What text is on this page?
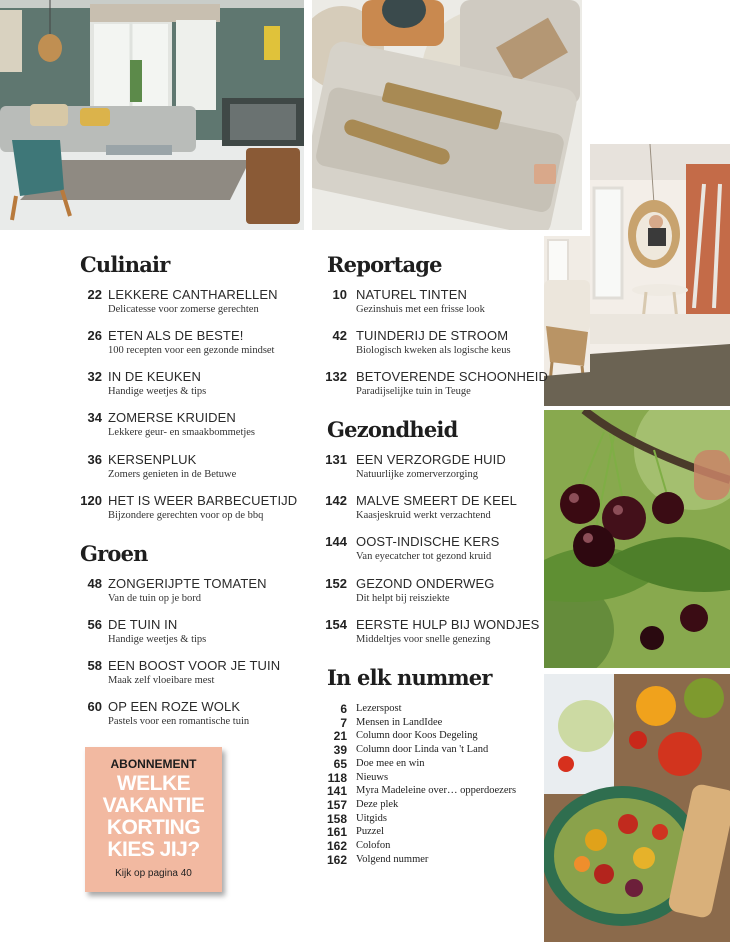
Culinair
22 LEKKERE CANTHARELLEN
Delicatesse voor zomerse gerechten
26 ETEN ALS DE BESTE!
100 recepten voor een gezonde mindset
32 IN DE KEUKEN
Handige weetjes & tips
34 ZOMERSE KRUIDEN
Lekkere geur- en smaakbommetjes
36 KERSENPLUK
Zomers genieten in de Betuwe
120 HET IS WEER BARBECUETIJD
Bijzondere gerechten voor op de bbq
Groen
48 ZONGERIJPTE TOMATEN
Van de tuin op je bord
56 DE TUIN IN
Handige weetjes & tips
58 EEN BOOST VOOR JE TUIN
Maak zelf vloeibare mest
60 OP EEN ROZE WOLK
Pastels voor een romantische tuin
Reportage
10 NATUREL TINTEN
Gezinshuis met een frisse look
42 TUINDERIJ DE STROOM
Biologisch kweken als logische keus
132 BETOVERENDE SCHOONHEID
Paradijselijke tuin in Teuge
Gezondheid
131 EEN VERZORGDE HUID
Natuurlijke zomerverzorging
142 MALVE SMEERT DE KEEL
Kaasjeskruid werkt verzachtend
144 OOST-INDISCHE KERS
Van eyecatcher tot gezond kruid
152 GEZOND ONDERWEG
Dit helpt bij reisziekte
154 EERSTE HULP BIJ WONDJES
Middeltjes voor snelle genezing
In elk nummer
6 Lezerspost
7 Mensen in LandIdee
21 Column door Koos Degeling
39 Column door Linda van 't Land
65 Doe mee en win
118 Nieuws
141 Myra Madeleine over… opperdoezers
157 Deze plek
158 Uitgids
161 Puzzel
162 Colofon
162 Volgend nummer
ABONNEMENT
WELKE
VAKANTIE
KORTING
KIES JIJ?
Kijk op pagina 40
